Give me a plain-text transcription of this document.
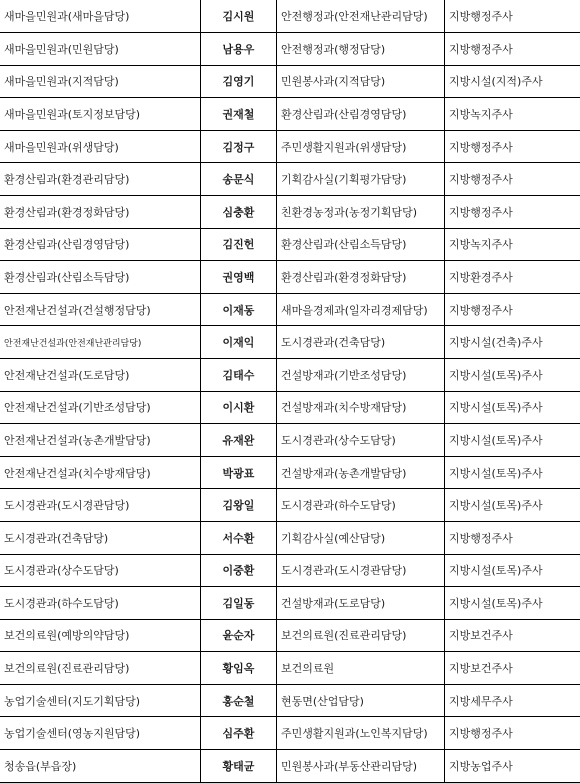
새마을민원과(새마을담당)	김시원	안전행정과(안전재난관리담당)	지방행정주사
새마을민원과(민원담당)	남용우	안전행정과(행정담당)	지방행정주사
새마을민원과(지적담당)	김영기	민원봉사과(지적담당)	지방시설(지적)주사
새마을민원과(토지정보담당)	권재철	환경산림과(산림경영담당)	지방녹지주사
새마을민원과(위생담당)	김정구	주민생활지원과(위생담당)	지방행정주사
환경산림과(환경관리담당)	송문식	기획감사실(기획평가담당)	지방행정주사
환경산림과(환경정화담당)	심충환	친환경농정과(농정기획담당)	지방행정주사
환경산림과(산림경영담당)	김진헌	환경산림과(산림소득담당)	지방녹지주사
환경산림과(산림소득담당)	권영백	환경산림과(환경정화담당)	지방환경주사
안전재난건설과(건설행정담당)	이재동	새마을경제과(일자리경제담당)	지방행정주사
안전재난건설과(안전재난관리담당)	이재익	도시경관과(건축담당)	지방시설(건축)주사
안전재난건설과(도로담당)	김태수	건설방재과(기반조성담당)	지방시설(토목)주사
안전재난건설과(기반조성담당)	이시환	건설방재과(치수방재담당)	지방시설(토목)주사
안전재난건설과(농촌개발담당)	유재완	도시경관과(상수도담당)	지방시설(토목)주사
안전재난건설과(치수방재담당)	박광표	건설방재과(농촌개발담당)	지방시설(토목)주사
도시경관과(도시경관담당)	김왕일	도시경관과(하수도담당)	지방시설(토목)주사
도시경관과(건축담당)	서수환	기획감사실(예산담당)	지방행정주사
도시경관과(상수도담당)	이중환	도시경관과(도시경관담당)	지방시설(토목)주사
도시경관과(하수도담당)	김일동	건설방재과(도로담당)	지방시설(토목)주사
보건의료원(예방의약담당)	윤순자	보건의료원(진료관리담당)	지방보건주사
보건의료원(진료관리담당)	황임옥	보건의료원	지방보건주사
농업기술센터(지도기획담당)	홍순철	현동면(산업담당)	지방세무주사
농업기술센터(영농지원담당)	심주환	주민생활지원과(노인복지담당)	지방행정주사
청송읍(부읍장)	황태균	민원봉사과(부동산관리담당)	지방농업주사
